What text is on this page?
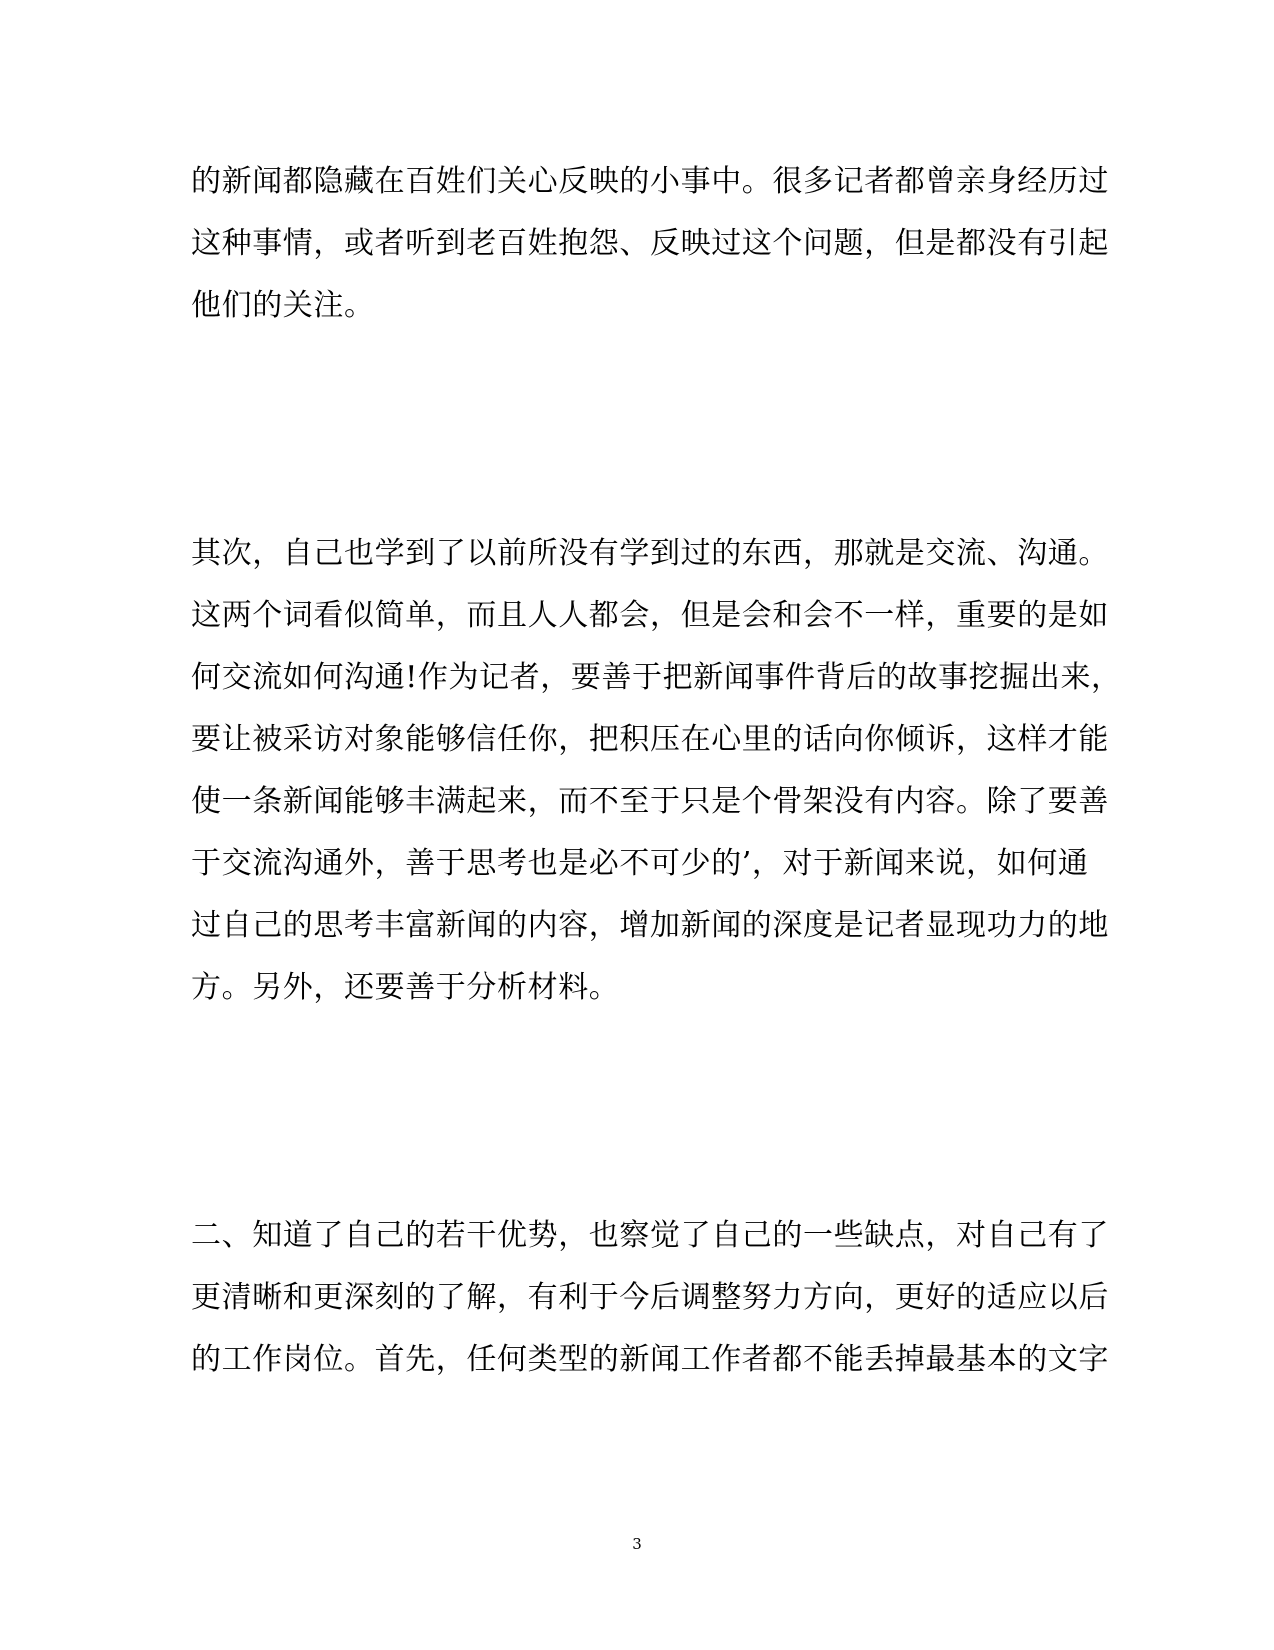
的新闻都隐藏在百姓们关心反映的小事中。很多记者都曾亲身经历过
这种事情，或者听到老百姓抱怨、反映过这个问题，但是都没有引起
他们的关注。
其次，自己也学到了以前所没有学到过的东西，那就是交流、沟通。
这两个词看似简单，而且人人都会，但是会和会不一样，重要的是如
何交流如何沟通!作为记者，要善于把新闻事件背后的故事挖掘出来，
要让被采访对象能够信任你，把积压在心里的话向你倾诉，这样才能
使一条新闻能够丰满起来，而不至于只是个骨架没有内容。除了要善
于交流沟通外，善于思考也是必不可少的’，对于新闻来说，如何通
过自己的思考丰富新闻的内容，增加新闻的深度是记者显现功力的地
方。另外，还要善于分析材料。
二、知道了自己的若干优势，也察觉了自己的一些缺点，对自己有了
更清晰和更深刻的了解，有利于今后调整努力方向，更好的适应以后
的工作岗位。首先，任何类型的新闻工作者都不能丢掉最基本的文字
3
